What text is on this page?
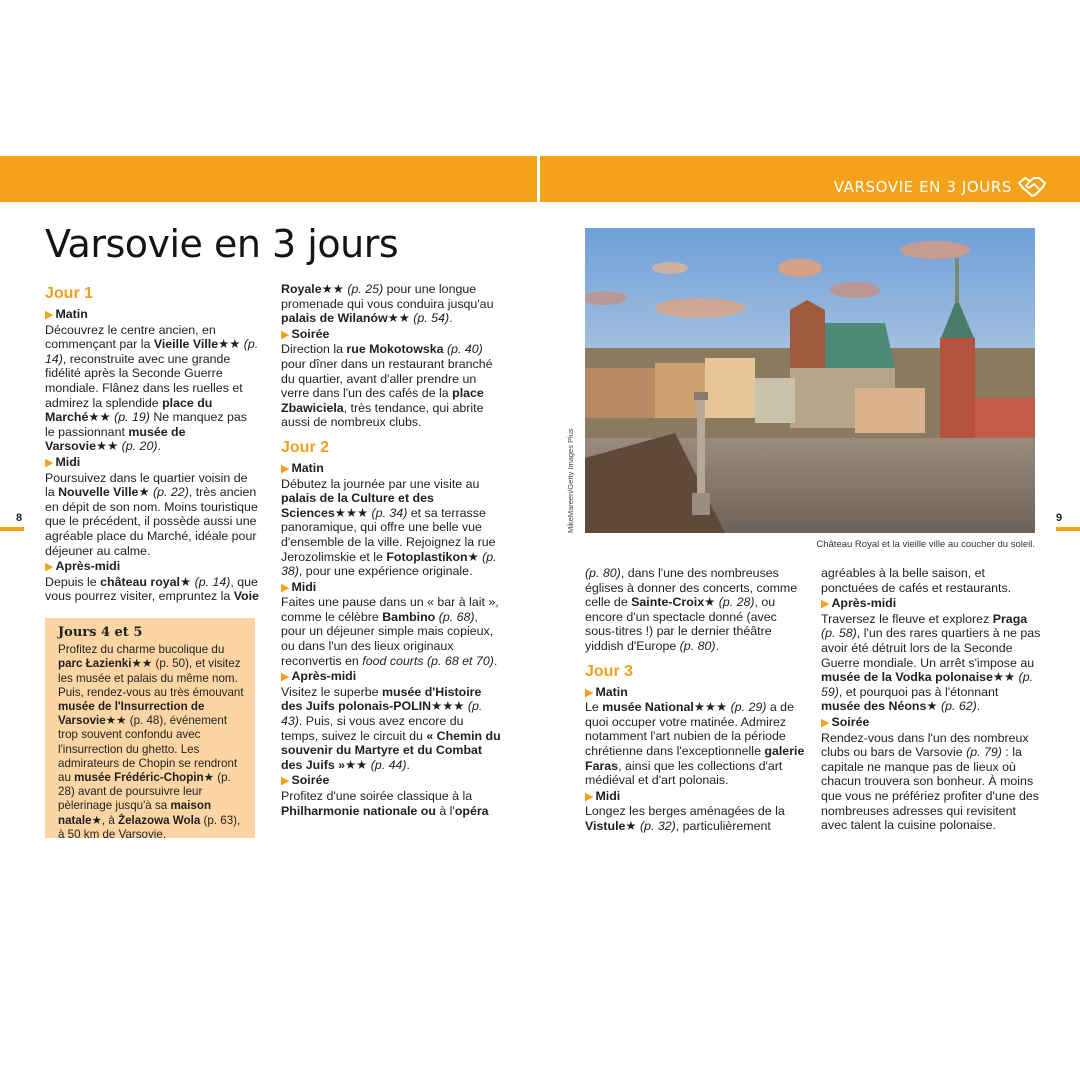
VARSOVIE EN 3 JOURS
8	9
Varsovie en 3 jours
Jour 1
▶ Matin

Découvrez le centre ancien, en commençant par la Vieille Ville★★ (p. 14), reconstruite avec une grande fidélité après la Seconde Guerre mondiale. Flânez dans les ruelles et admirez la splendide place du Marché★★ (p. 19) Ne manquez pas le passionnant musée de Varsovie★★ (p. 20).

▶ Midi

Poursuivez dans le quartier voisin de la Nouvelle Ville★ (p. 22), très ancien en dépit de son nom. Moins touristique que le précédent, il possède aussi une agréable place du Marché, idéale pour déjeuner au calme.

▶ Après-midi

Depuis le château royal★ (p. 14), que vous pourrez visiter, empruntez la Voie

Jours 4 et 5

Profitez du charme bucolique du parc Łazienki★★ (p. 50), et visitez les musée et palais du même nom. Puis, rendez-vous au très émouvant musée de l'Insurrection de Varsovie★★ (p. 48), événement trop souvent confondu avec l'insurrection du ghetto. Les admirateurs de Chopin se rendront au musée Frédéric-Chopin★ (p. 28) avant de poursuivre leur pèlerinage jusqu'à sa maison natale★, à Żelazowa Wola (p. 63), à 50 km de Varsovie.

Royale★★ (p. 25) pour une longue promenade qui vous conduira jusqu'au palais de Wilanów★★ (p. 54).

▶ Soirée

Direction la rue Mokotowska (p. 40) pour dîner dans un restaurant branché du quartier, avant d'aller prendre un verre dans l'un des cafés de la place Zbawiciela, très tendance, qui abrite aussi de nombreux clubs.

Jour 2
▶ Matin

Débutez la journée par une visite au palais de la Culture et des Sciences★★★ (p. 34) et sa terrasse panoramique, qui offre une belle vue d'ensemble de la ville. Rejoignez la rue Jerozolimskie et le Fotoplastikon★ (p. 38), pour une expérience originale.

▶ Midi

Faites une pause dans un « bar à lait », comme le célèbre Bambino (p. 68), pour un déjeuner simple mais copieux, ou dans l'un des lieux originaux reconvertis en food courts (p. 68 et 70).

▶ Après-midi

Visitez le superbe musée d'Histoire des Juifs polonais-POLIN★★★ (p. 43). Puis, si vous avez encore du temps, suivez le circuit du « Chemin du souvenir du Martyre et du Combat des Juifs »★★ (p. 44).

▶ Soirée

Profitez d'une soirée classique à la Philharmonie nationale ou à l'opéra

MikeMareen/Getty Images Plus
Château Royal et la vieille ville au coucher du soleil.

(p. 80), dans l'une des nombreuses églises à donner des concerts, comme celle de Sainte-Croix★ (p. 28), ou encore d'un spectacle donné (avec sous-titres !) par le dernier théâtre yiddish d'Europe (p. 80).

Jour 3
▶ Matin

Le musée National★★★ (p. 29) a de quoi occuper votre matinée. Admirez notamment l'art nubien de la période chrétienne dans l'exceptionnelle galerie Faras, ainsi que les collections d'art médiéval et d'art polonais.

▶ Midi

Longez les berges aménagées de la Vistule★ (p. 32), particulièrement

agréables à la belle saison, et ponctuées de cafés et restaurants.

▶ Après-midi

Traversez le fleuve et explorez Praga (p. 58), l'un des rares quartiers à ne pas avoir été détruit lors de la Seconde Guerre mondiale. Un arrêt s'impose au musée de la Vodka polonaise★★ (p. 59), et pourquoi pas à l'étonnant musée des Néons★ (p. 62).

▶ Soirée

Rendez-vous dans l'un des nombreux clubs ou bars de Varsovie (p. 79) : la capitale ne manque pas de lieux où chacun trouvera son bonheur. À moins que vous ne préfériez profiter d'une des nombreuses adresses qui revisitent avec talent la cuisine polonaise.
